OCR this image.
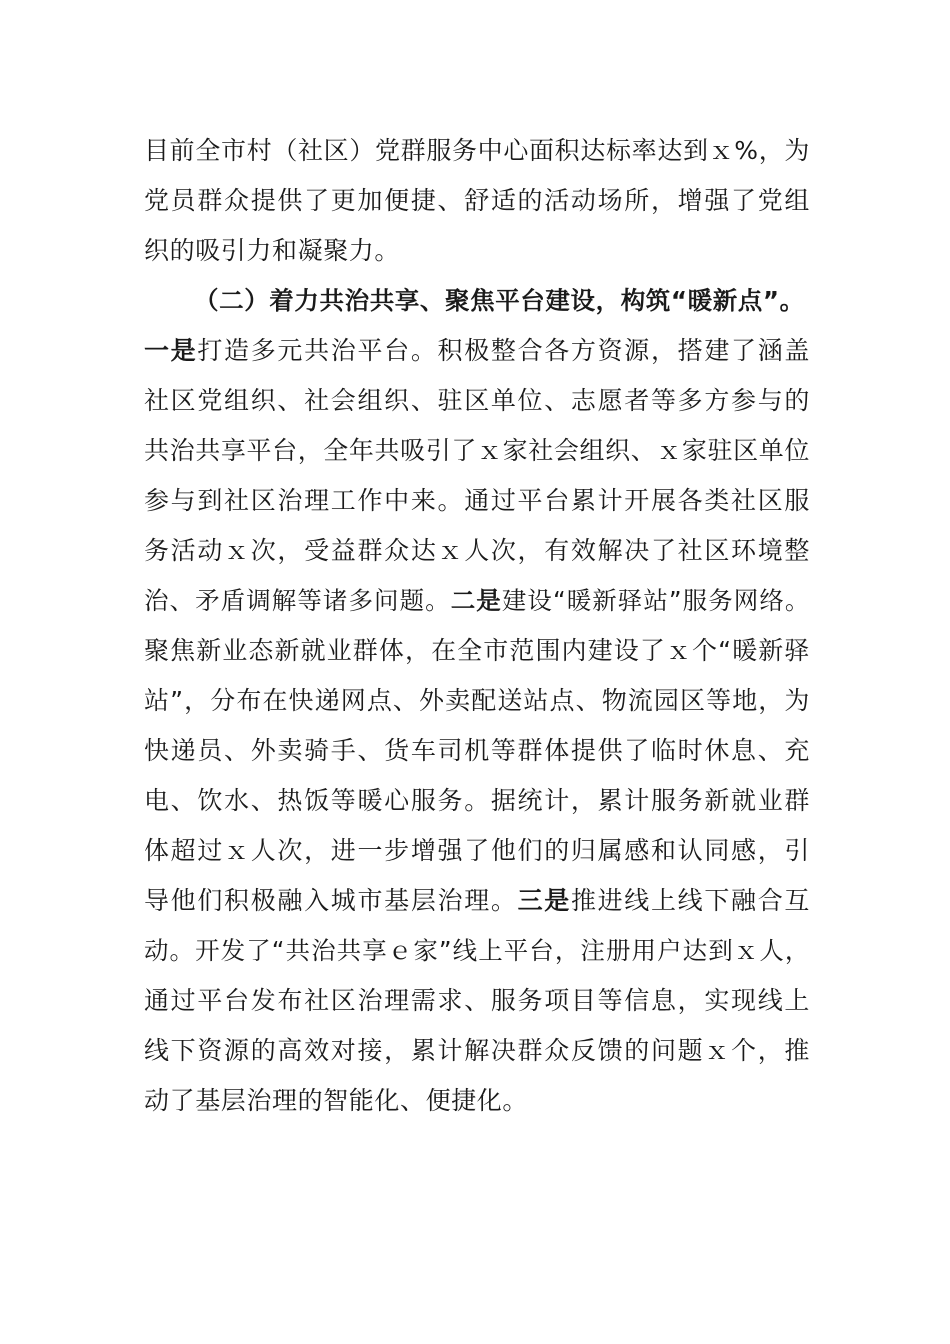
目前全市村（社区）党群服务中心面积达标率达到ｘ%，为
党员群众提供了更加便捷、舒适的活动场所，增强了党组
织的吸引力和凝聚力。
（二）着力共治共享、聚焦平台建设，构筑“暖新点”。
一是打造多元共治平台。积极整合各方资源，搭建了涵盖
社区党组织、社会组织、驻区单位、志愿者等多方参与的
共治共享平台，全年共吸引了ｘ家社会组织、ｘ家驻区单位
参与到社区治理工作中来。通过平台累计开展各类社区服
务活动ｘ次，受益群众达ｘ人次，有效解决了社区环境整
治、矛盾调解等诸多问题。二是建设“暖新驿站”服务网络。
聚焦新业态新就业群体，在全市范围内建设了ｘ个“暖新驿
站”，分布在快递网点、外卖配送站点、物流园区等地，为
快递员、外卖骑手、货车司机等群体提供了临时休息、充
电、饮水、热饭等暖心服务。据统计，累计服务新就业群
体超过ｘ人次，进一步增强了他们的归属感和认同感，引
导他们积极融入城市基层治理。三是推进线上线下融合互
动。开发了“共治共享ｅ家”线上平台，注册用户达到ｘ人，
通过平台发布社区治理需求、服务项目等信息，实现线上
线下资源的高效对接，累计解决群众反馈的问题ｘ个，推
动了基层治理的智能化、便捷化。
